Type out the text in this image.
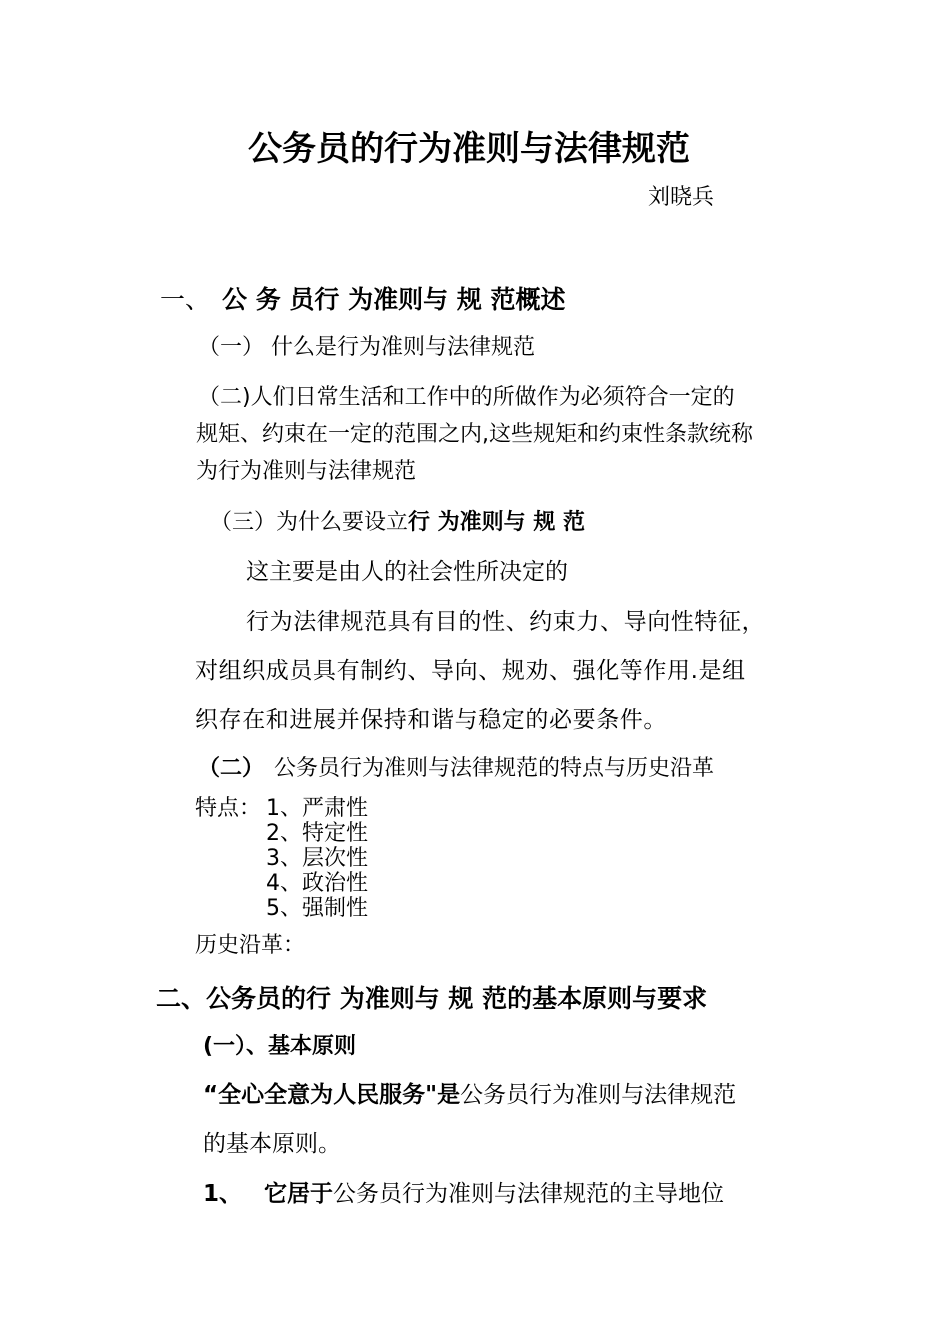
公务员的行为准则与法律规范
刘晓兵
一、 公 务 员行 为准则与 规 范概述
（一） 什么是行为准则与法律规范
（二)人们日常生活和工作中的所做作为必须符合一定的
规矩、约束在一定的范围之内,这些规矩和约束性条款统称
为行为准则与法律规范
（三）为什么要设立行 为准则与 规 范
这主要是由人的社会性所决定的
行为法律规范具有目的性、约束力、导向性特征，
对组织成员具有制约、导向、规劝、强化等作用.是组
织存在和进展并保持和谐与稳定的必要条件。
（二） 公务员行为准则与法律规范的特点与历史沿革
特点： 1、严肃性
2、特定性
3、层次性
4、政治性
5、强制性
历史沿革：
二、公务员的行 为准则与 规 范的基本原则与要求
(一）、基本原则
“全心全意为人民服务"是公务员行为准则与法律规范
的基本原则。
1、 它居于公务员行为准则与法律规范的主导地位
